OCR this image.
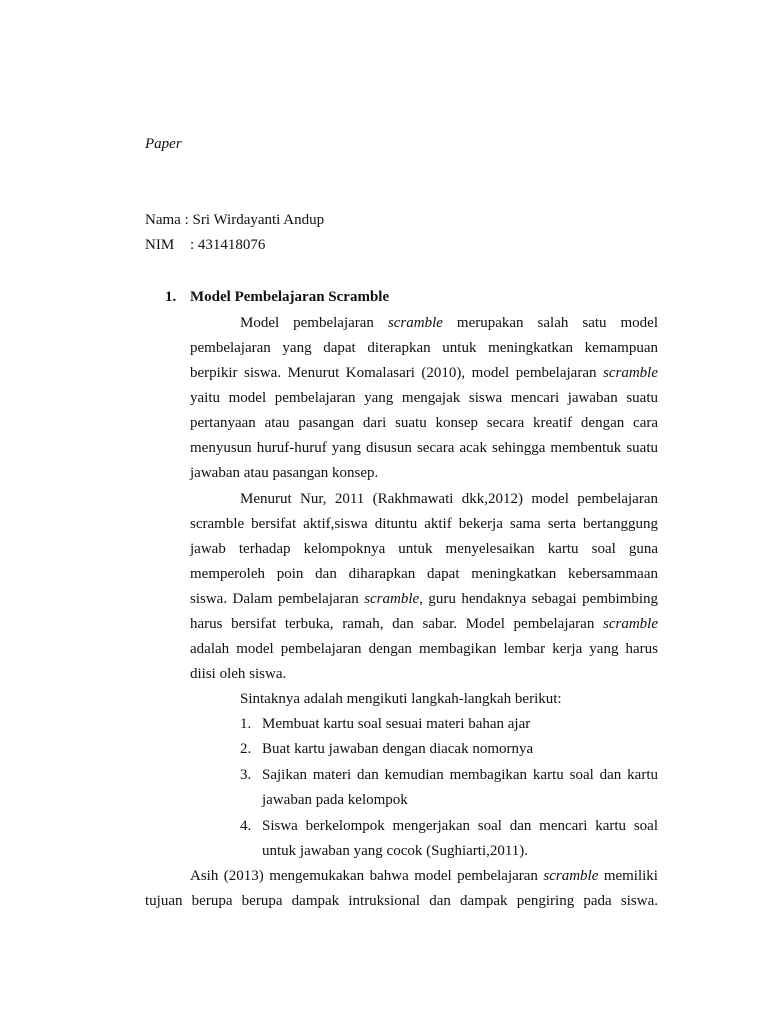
Paper
Nama : Sri Wirdayanti Andup
NIM : 431418076
1. Model Pembelajaran Scramble
Model pembelajaran scramble merupakan salah satu model
pembelajaran yang dapat diterapkan untuk meningkatkan kemampuan
berpikir siswa. Menurut Komalasari (2010), model pembelajaran scramble
yaitu model pembelajaran yang mengajak siswa mencari jawaban suatu
pertanyaan atau pasangan dari suatu konsep secara kreatif dengan cara
menyusun huruf-huruf yang disusun secara acak sehingga membentuk suatu
jawaban atau pasangan konsep.
Menurut Nur, 2011 (Rakhmawati dkk,2012) model pembelajaran
scramble bersifat aktif,siswa dituntu aktif bekerja sama serta bertanggung
jawab terhadap kelompoknya untuk menyelesaikan kartu soal guna
memperoleh poin dan diharapkan dapat meningkatkan kebersammaan
siswa. Dalam pembelajaran scramble, guru hendaknya sebagai pembimbing
harus bersifat terbuka, ramah, dan sabar. Model pembelajaran scramble
adalah model pembelajaran dengan membagikan lembar kerja yang harus
diisi oleh siswa.
Sintaknya adalah mengikuti langkah-langkah berikut:
1. Membuat kartu soal sesuai materi bahan ajar
2. Buat kartu jawaban dengan diacak nomornya
3. Sajikan materi dan kemudian membagikan kartu soal dan kartu
jawaban pada kelompok
4. Siswa berkelompok mengerjakan soal dan mencari kartu soal
untuk jawaban yang cocok (Sughiarti,2011).
Asih (2013) mengemukakan bahwa model pembelajaran scramble memiliki
tujuan berupa berupa dampak intruksional dan dampak pengiring pada siswa.
